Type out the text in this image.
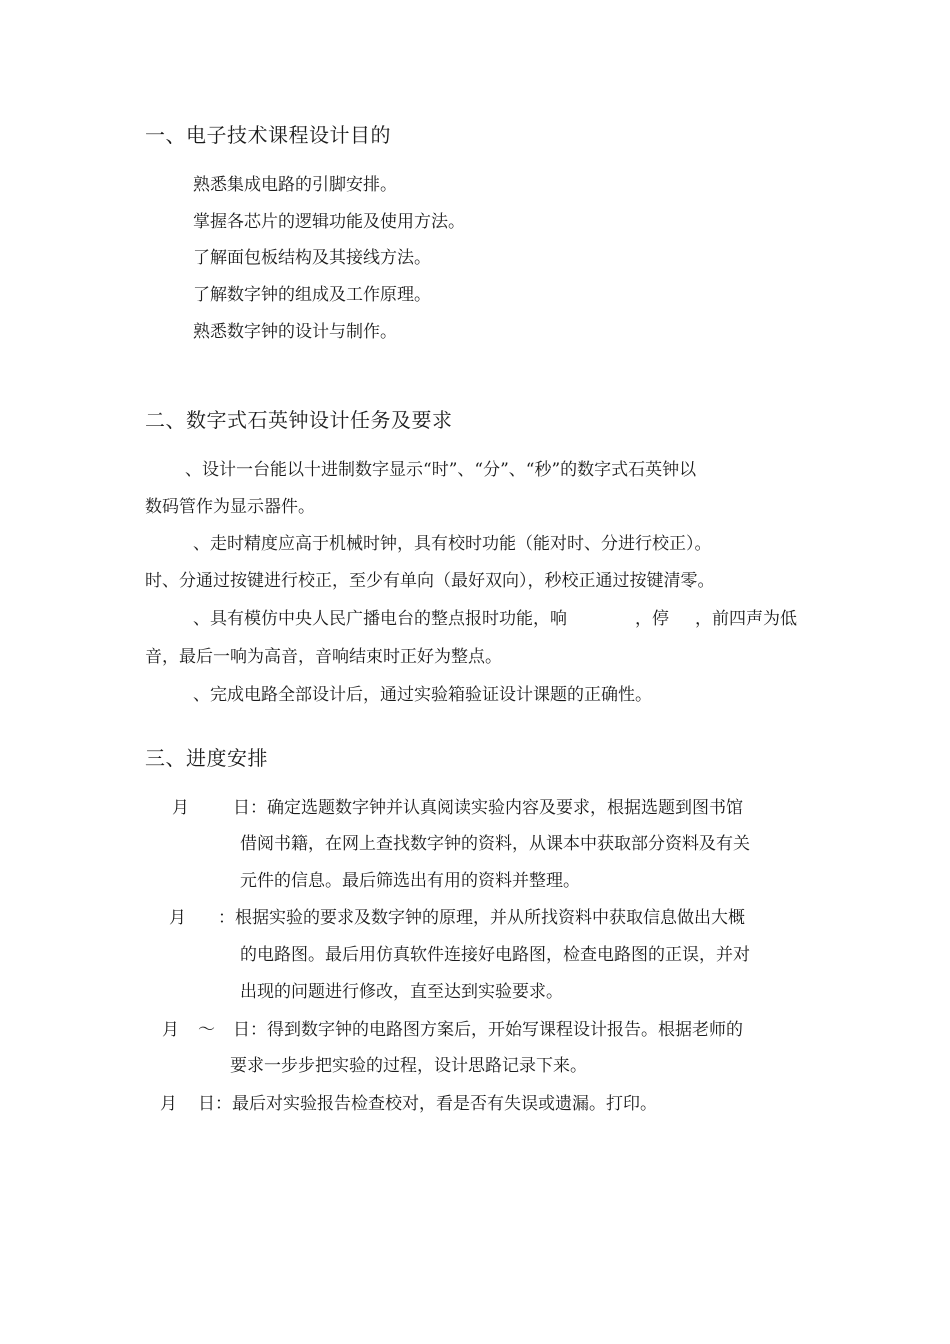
一、电子技术课程设计目的
熟悉集成电路的引脚安排。
掌握各芯片的逻辑功能及使用方法。
了解面包板结构及其接线方法。
了解数字钟的组成及工作原理。
熟悉数字钟的设计与制作。
二、数字式石英钟设计任务及要求
、设计一台能以十进制数字显示“时”、“分”、“秒”的数字式石英钟以
数码管作为显示器件。
、走时精度应高于机械时钟，具有校时功能（能对时、分进行校正）。
时、分通过按键进行校正，至少有单向（最好双向），秒校正通过按键清零。
、具有模仿中央人民广播电台的整点报时功能，响	，停 ，前四声为低
音，最后一响为高音，音响结束时正好为整点。
、完成电路全部设计后，通过实验箱验证设计课题的正确性。
三、进度安排
月	日：确定选题数字钟并认真阅读实验内容及要求，根据选题到图书馆
借阅书籍，在网上查找数字钟的资料，从课本中获取部分资料及有关
元件的信息。最后筛选出有用的资料并整理。
月 ：根据实验的要求及数字钟的原理，并从所找资料中获取信息做出大概
的电路图。最后用仿真软件连接好电路图，检查电路图的正误，并对
出现的问题进行修改，直至达到实验要求。
月 ～ 日：得到数字钟的电路图方案后，开始写课程设计报告。根据老师的
要求一步步把实验的过程，设计思路记录下来。
月 日：最后对实验报告检查校对，看是否有失误或遗漏。打印。
